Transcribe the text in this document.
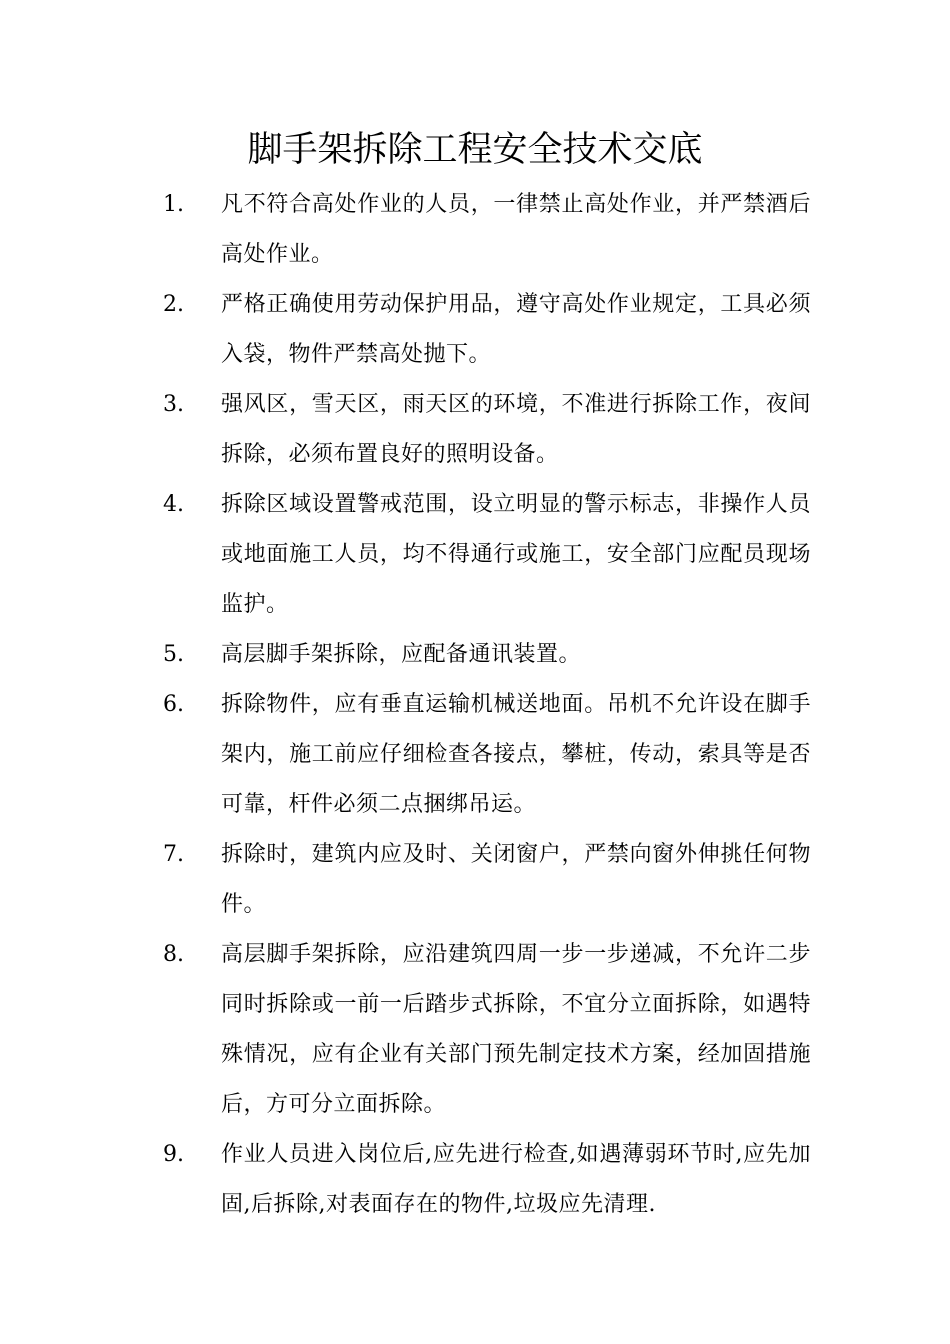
脚手架拆除工程安全技术交底
1.	凡不符合高处作业的人员，一律禁止高处作业，并严禁酒后高处作业。
2.	严格正确使用劳动保护用品，遵守高处作业规定，工具必须入袋，物件严禁高处抛下。
3.	强风区，雪天区，雨天区的环境，不准进行拆除工作，夜间拆除，必须布置良好的照明设备。
4.	拆除区域设置警戒范围，设立明显的警示标志，非操作人员或地面施工人员，均不得通行或施工，安全部门应配员现场监护。
5.	高层脚手架拆除，应配备通讯装置。
6.	拆除物件，应有垂直运输机械送地面。吊机不允许设在脚手架内，施工前应仔细检查各接点，攀桩，传动，索具等是否可靠，杆件必须二点捆绑吊运。
7.	拆除时，建筑内应及时、关闭窗户，严禁向窗外伸挑任何物件。
8.	高层脚手架拆除，应沿建筑四周一步一步递减，不允许二步同时拆除或一前一后踏步式拆除，不宜分立面拆除，如遇特殊情况，应有企业有关部门预先制定技术方案，经加固措施后，方可分立面拆除。
9.	作业人员进入岗位后,应先进行检查,如遇薄弱环节时,应先加固,后拆除,对表面存在的物件,垃圾应先清理.
